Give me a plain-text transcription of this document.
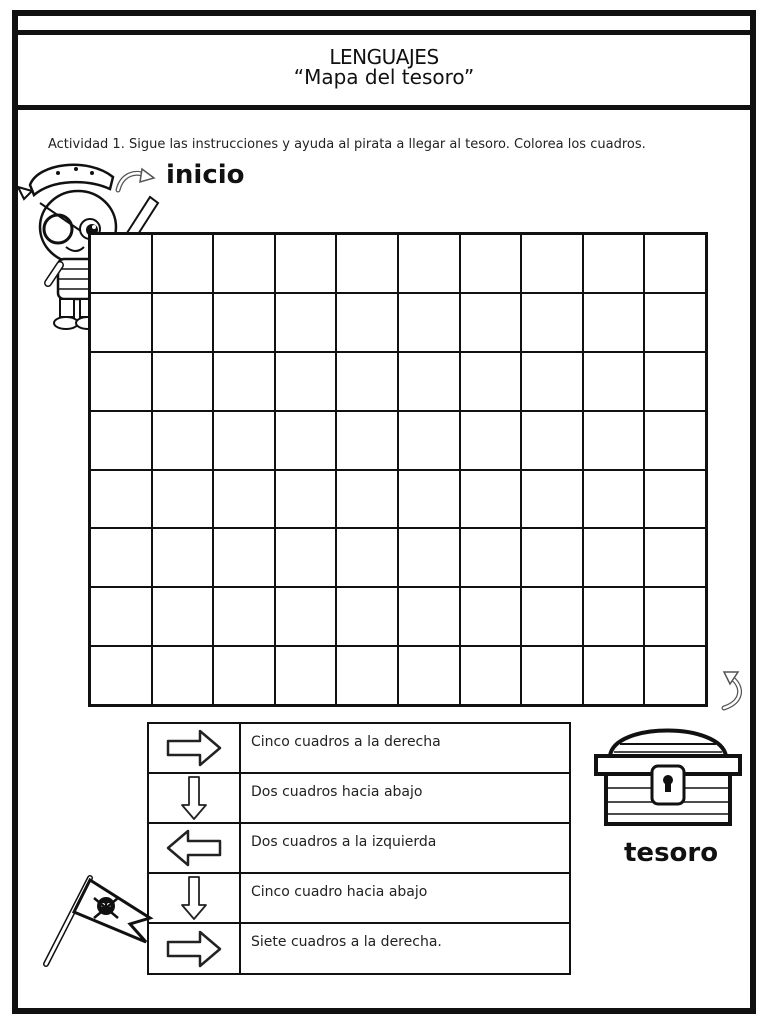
LENGUAJES
“Mapa del tesoro”
Actividad 1. Sigue las instrucciones y ayuda al pirata a llegar al tesoro. Colorea los cuadros.
inicio
tesoro
Cinco cuadros a la derecha
Dos cuadros hacia abajo
Dos cuadros a la izquierda
Cinco cuadro hacia abajo
Siete cuadros a la derecha.
